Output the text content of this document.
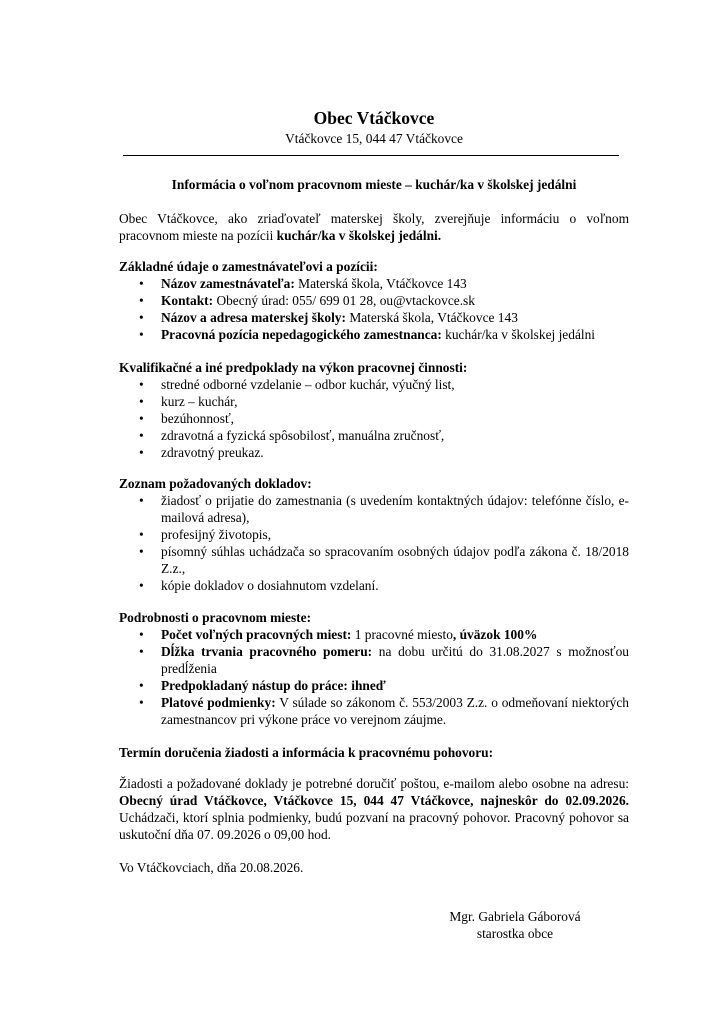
Obec Vtáčkovce
Vtáčkovce 15, 044 47 Vtáčkovce
Informácia o voľnom pracovnom mieste – kuchár/ka v školskej jedálni
Obec Vtáčkovce, ako zriaďovateľ materskej školy, zverejňuje informáciu o voľnom pracovnom mieste na pozícii kuchár/ka v školskej jedálni.
Základné údaje o zamestnávateľovi a pozícii:
• Názov zamestnávateľa: Materská škola, Vtáčkovce 143
• Kontakt: Obecný úrad: 055/ 699 01 28, ou@vtackovce.sk
• Názov a adresa materskej školy: Materská škola, Vtáčkovce 143
• Pracovná pozícia nepedagogického zamestnanca: kuchár/ka v školskej jedálni
Kvalifikačné a iné predpoklady na výkon pracovnej činnosti:
• stredné odborné vzdelanie – odbor kuchár, výučný list,
• kurz – kuchár,
• bezúhonnosť,
• zdravotná a fyzická spôsobilosť, manuálna zručnosť,
• zdravotný preukaz.
Zoznam požadovaných dokladov:
• žiadosť o prijatie do zamestnania (s uvedením kontaktných údajov: telefónne číslo, e-mailová adresa),
• profesijný životopis,
• písomný súhlas uchádzača so spracovaním osobných údajov podľa zákona č. 18/2018 Z.z.,
• kópie dokladov o dosiahnutom vzdelaní.
Podrobnosti o pracovnom mieste:
• Počet voľných pracovných miest: 1 pracovné miesto, úväzok 100%
• Dĺžka trvania pracovného pomeru: na dobu určitú do 31.08.2027 s možnosťou predĺženia
• Predpokladaný nástup do práce: ihneď
• Platové podmienky: V súlade so zákonom č. 553/2003 Z.z. o odmeňovaní niektorých zamestnancov pri výkone práce vo verejnom záujme.
Termín doručenia žiadosti a informácia k pracovnému pohovoru:
Žiadosti a požadované doklady je potrebné doručiť poštou, e-mailom alebo osobne na adresu: Obecný úrad Vtáčkovce, Vtáčkovce 15, 044 47 Vtáčkovce, najneskôr do 02.09.2026. Uchádzači, ktorí splnia podmienky, budú pozvaní na pracovný pohovor. Pracovný pohovor sa uskutoční dňa 07. 09.2026 o 09,00 hod.
Vo Vtáčkovciach, dňa 20.08.2026.
Mgr. Gabriela Gáborová
starostka obce
